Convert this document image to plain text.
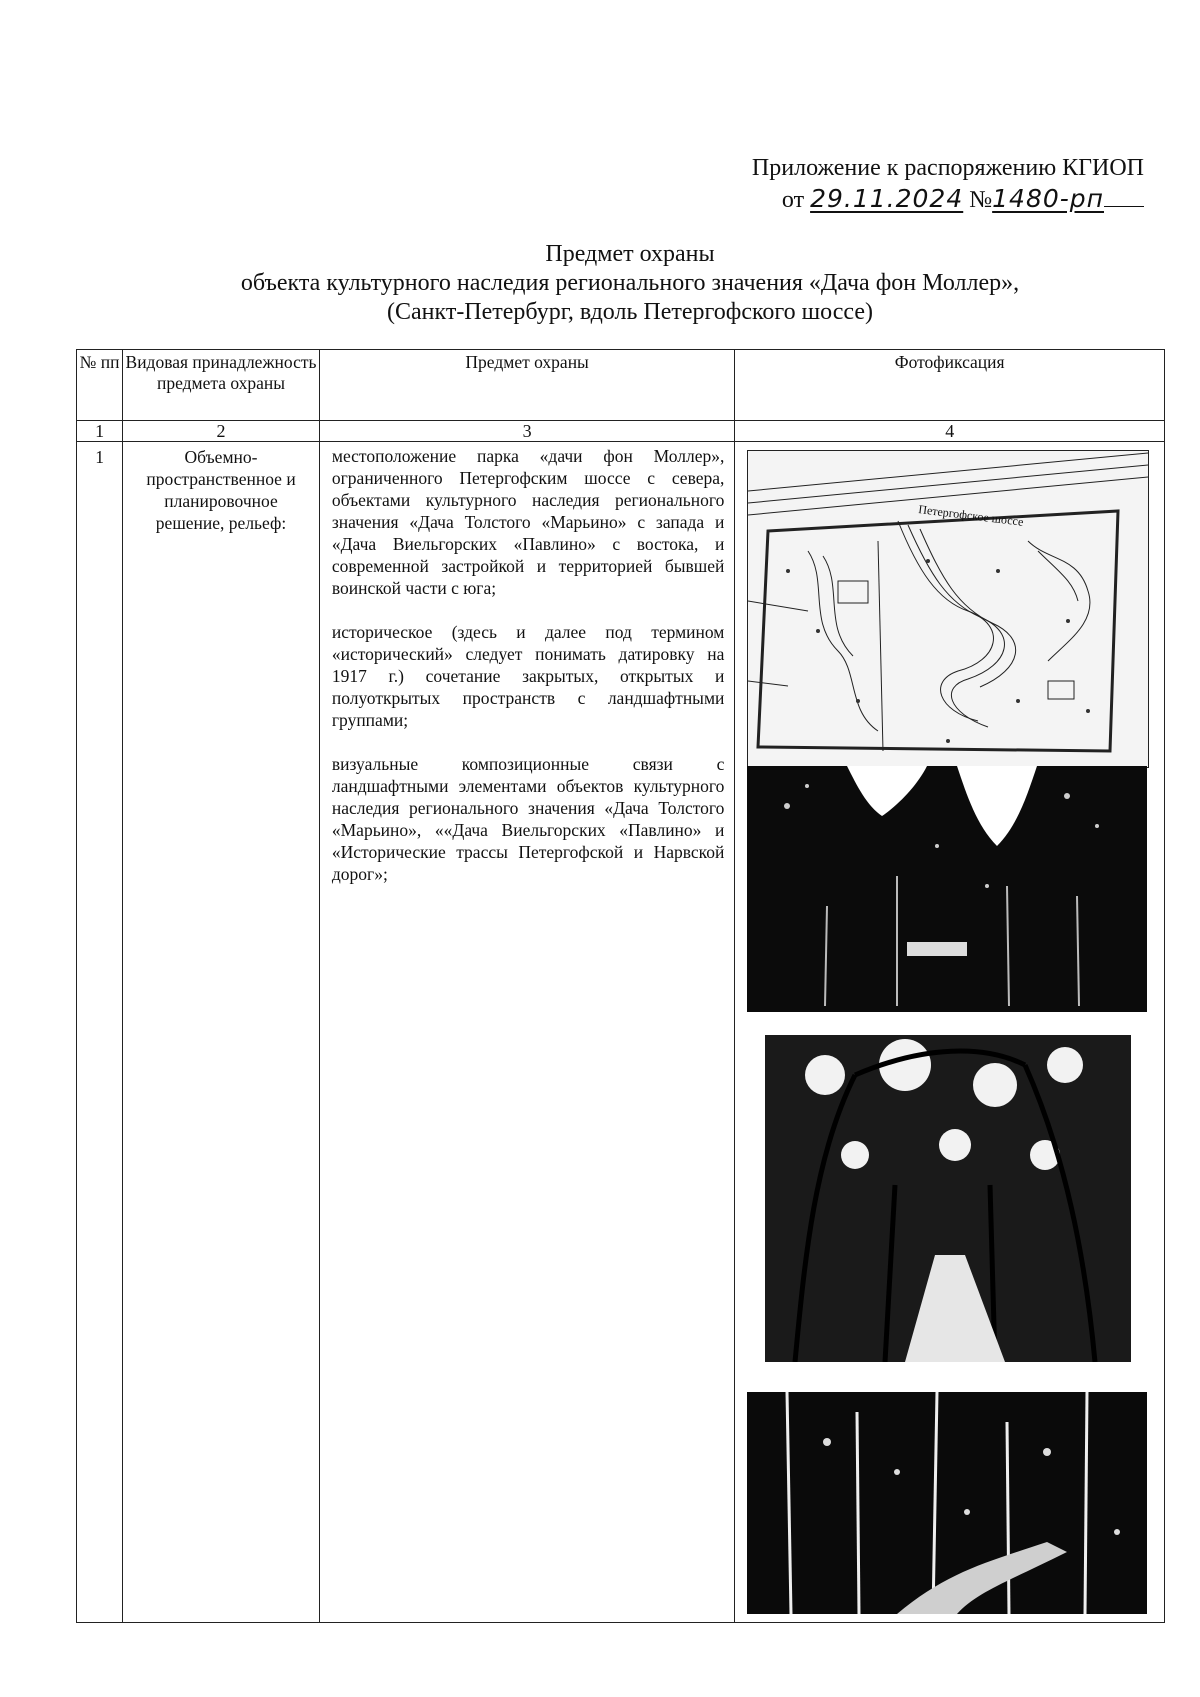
Приложение к распоряжению КГИОП
от 29.11.2024 №1480-рп
Предмет охраны
объекта культурного наследия регионального значения «Дача фон Моллер»,
(Санкт-Петербург, вдоль Петергофского шоссе)
№ пп	Видовая принадлежность предмета охраны	Предмет охраны	Фотофиксация
1	2	3	4
1	Объемно-пространственное и планировочное решение, рельеф:	местоположение парка «дачи фон Моллер», ограниченного Петергофским шоссе с севера, объектами культурного наследия регионального значения «Дача Толстого «Марьино» с запада и «Дача Виельгорских «Павлино» с востока, и современной застройкой и территорией бывшей воинской части с юга;

историческое (здесь и далее под термином «исторический» следует понимать датировку на 1917 г.) сочетание закрытых, открытых и полуоткрытых пространств с ландшафтными группами;

визуальные композиционные связи с ландшафтными элементами объектов культурного наследия регионального значения «Дача Толстого «Марьино», ««Дача Виельгорских «Павлино» и «Исторические трассы Петергофской и Нарвской дорог»;	Петергофское шоссе
